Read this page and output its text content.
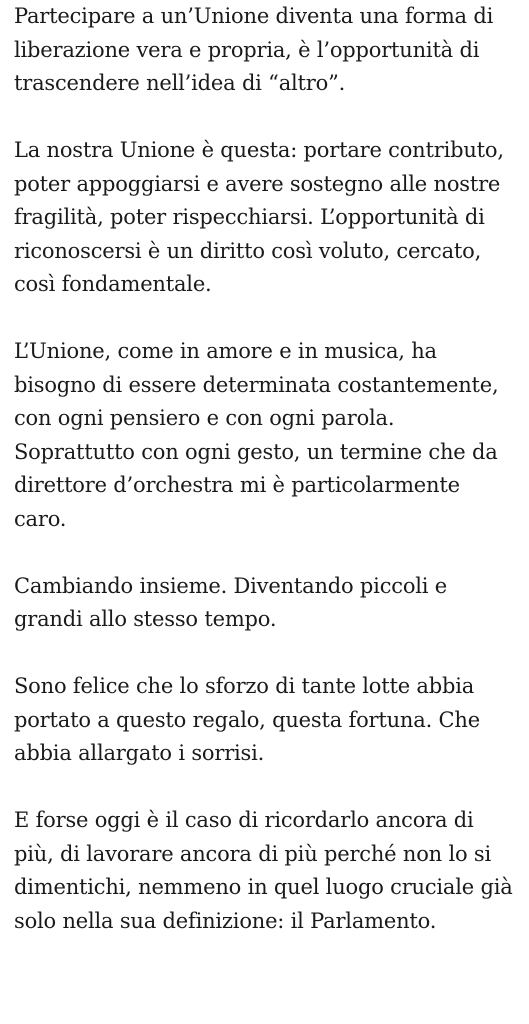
Partecipare a un’Unione diventa una forma di liberazione vera e propria, è l’opportunità di trascendere nell’idea di “altro”.

La nostra Unione è questa: portare contributo, poter appoggiarsi e avere sostegno alle nostre fragilità, poter rispecchiarsi. L’opportunità di riconoscersi è un diritto così voluto, cercato, così fondamentale.

L’Unione, come in amore e in musica, ha bisogno di essere determinata costantemente, con ogni pensiero e con ogni parola. Soprattutto con ogni gesto, un termine che da direttore d’orchestra mi è particolarmente caro.

Cambiando insieme. Diventando piccoli e grandi allo stesso tempo.

Sono felice che lo sforzo di tante lotte abbia portato a questo regalo, questa fortuna. Che abbia allargato i sorrisi.

E forse oggi è il caso di ricordarlo ancora di più, di lavorare ancora di più perché non lo si dimentichi, nemmeno in quel luogo cruciale già solo nella sua definizione: il Parlamento.
